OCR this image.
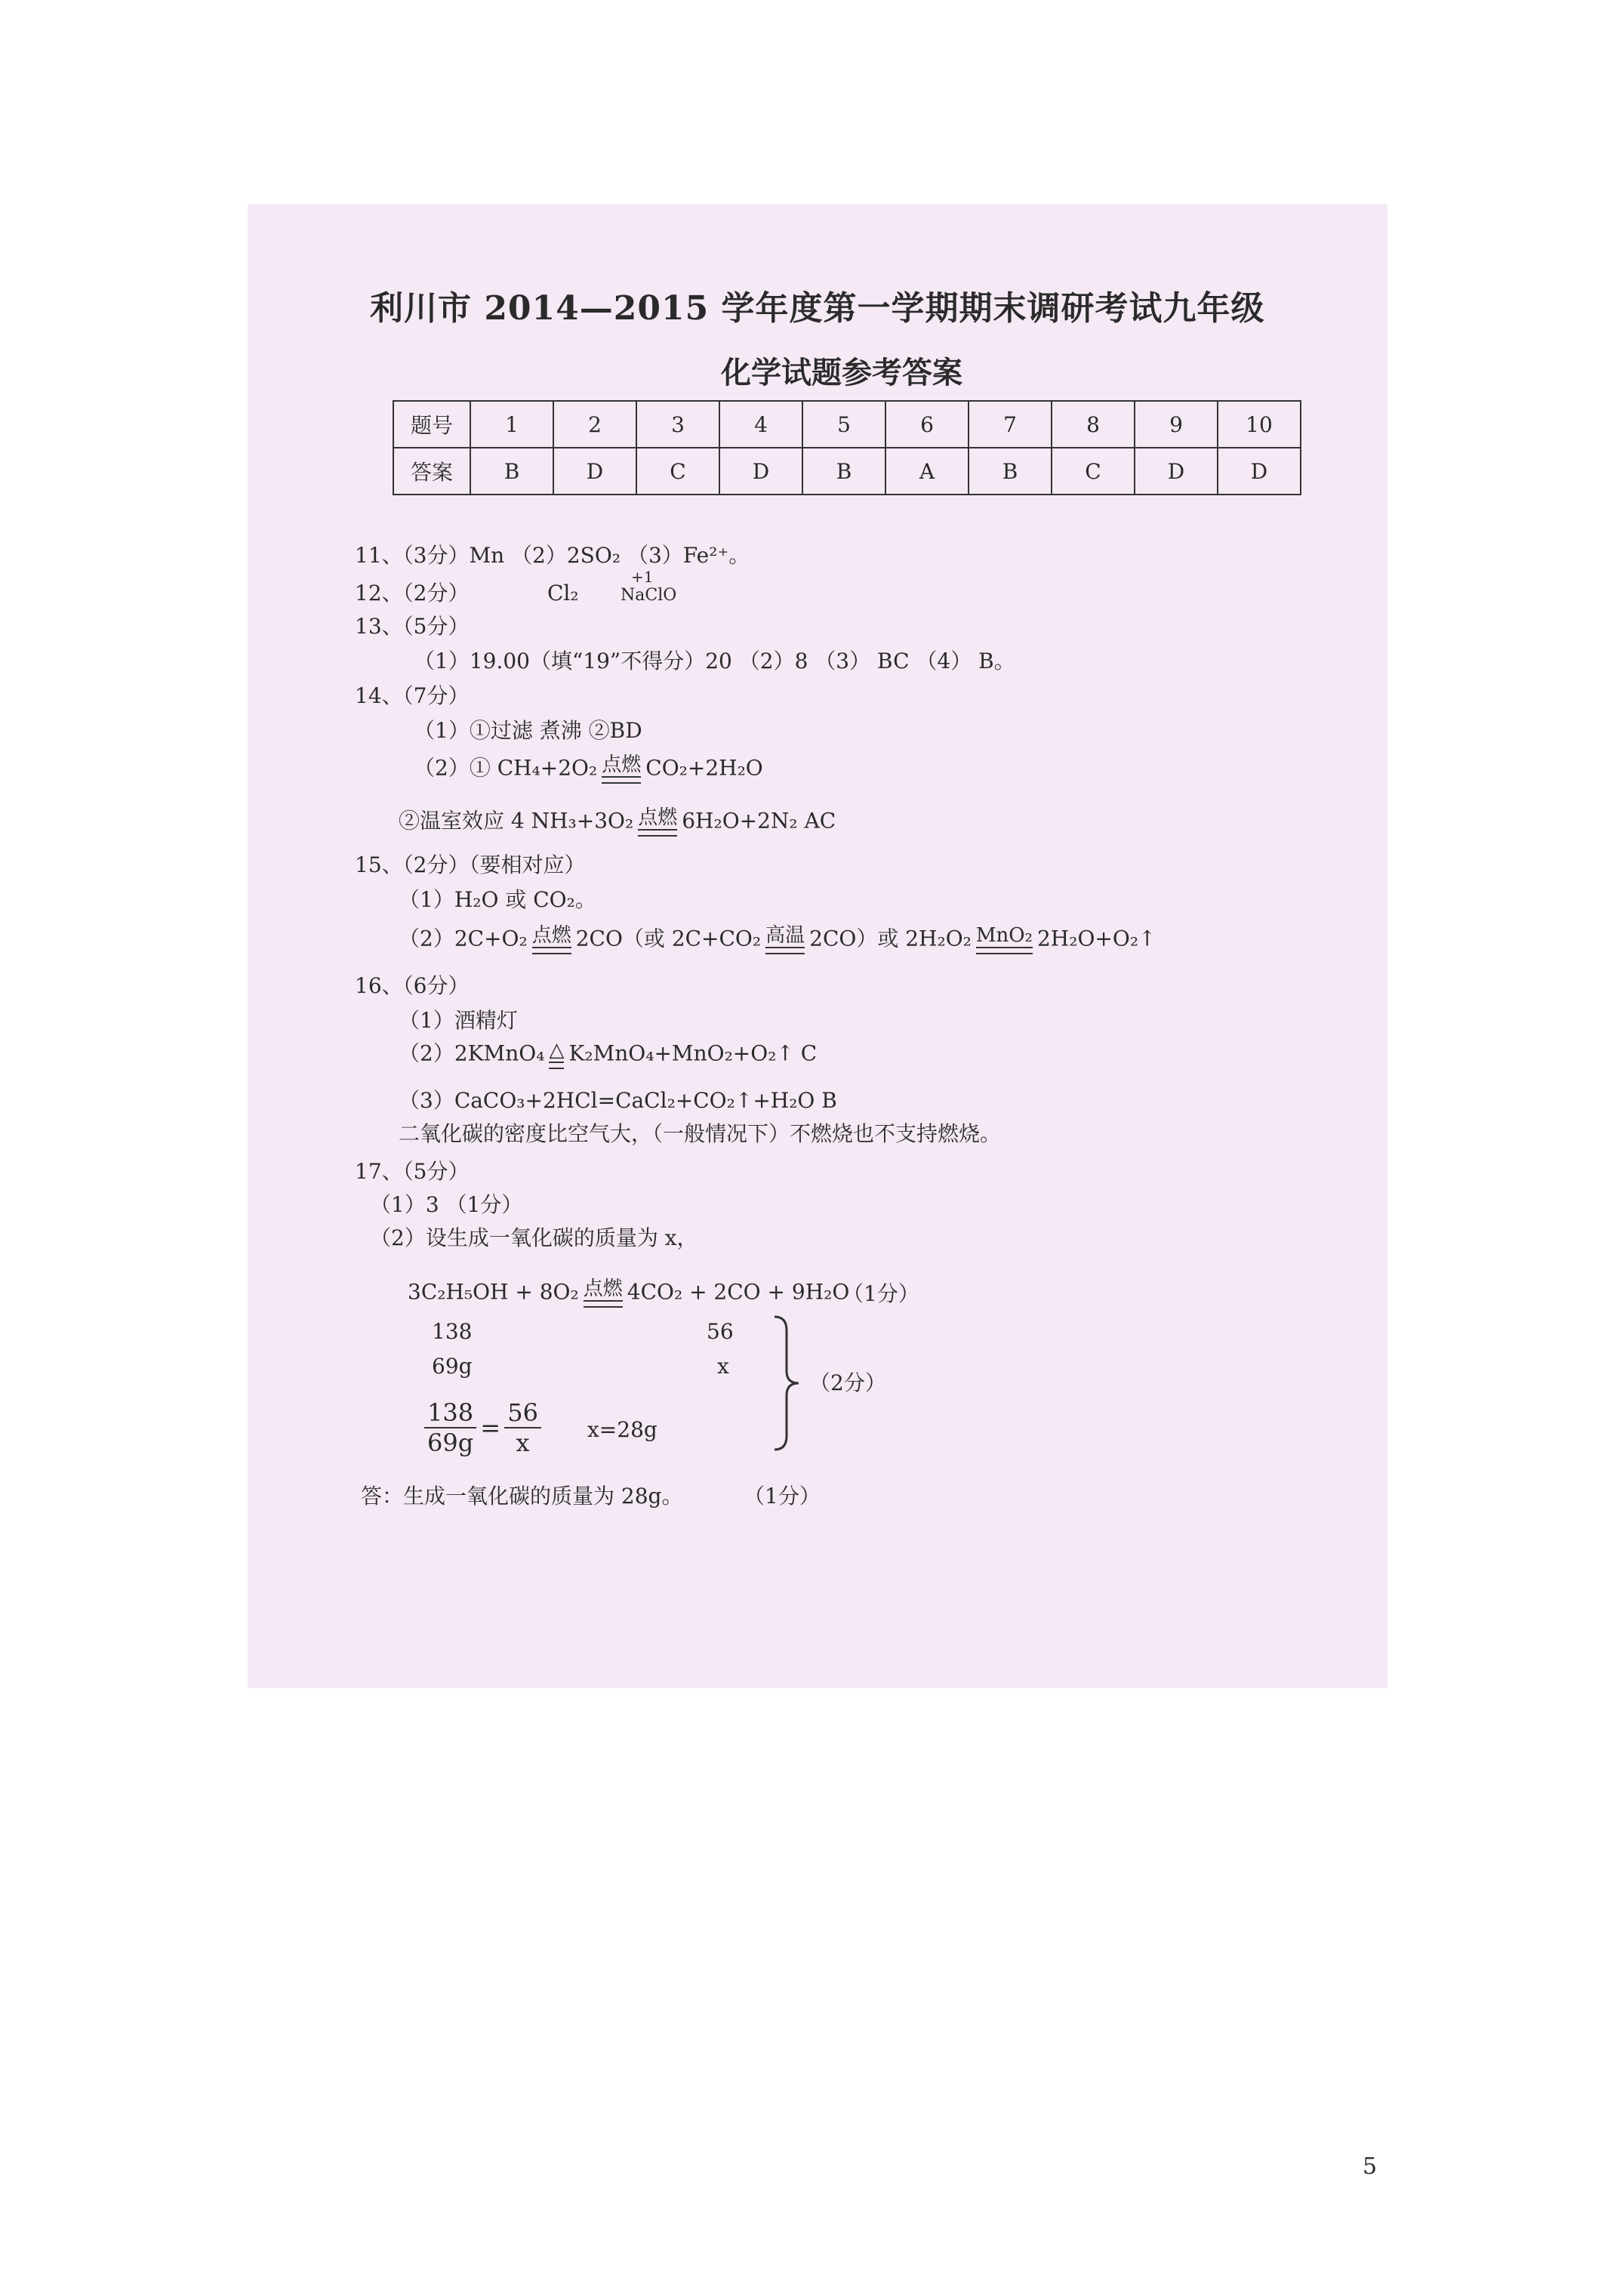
利川市 2014—2015 学年度第一学期期末调研考试九年级
化学试题参考答案
题号	1	2	3	4	5	6	7	8	9	10
答案	B	D	C	D	B	A	B	C	D	D
11、（3分）Mn （2）2SO₂ （3）Fe²⁺。
12、（2分）	Cl₂
+1
NaClO
13、（5分）
（1）19.00（填“19”不得分）20 （2）8 （3） BC （4） B。
14、（7分）
（1）①过滤 煮沸 ②BD
（2）① CH₄+2O₂ 点燃 CO₂+2H₂O
②温室效应 4 NH₃+3O₂ 点燃 6H₂O+2N₂ AC
15、（2分）（要相对应）
（1）H₂O 或 CO₂。
（2）2C+O₂ 点燃 2CO（或 2C+CO₂ 高温 2CO）或 2H₂O₂ MnO₂ 2H₂O+O₂↑
16、（6分）
（1）酒精灯
（2）2KMnO₄ △ K₂MnO₄+MnO₂+O₂↑ C
（3）CaCO₃+2HCl=CaCl₂+CO₂↑+H₂O B
二氧化碳的密度比空气大，（一般情况下）不燃烧也不支持燃烧。
17、（5分）
（1）3 （1分）
（2）设生成一氧化碳的质量为 x，
3C₂H₅OH + 8O₂ 点燃 4CO₂ + 2CO + 9H₂O
（1分）
138	56
69g	x
$\frac{138}{69g} = \frac{56}{x} x=28g$
（2分）
答：生成一氧化碳的质量为 28g。	（1分）
5
